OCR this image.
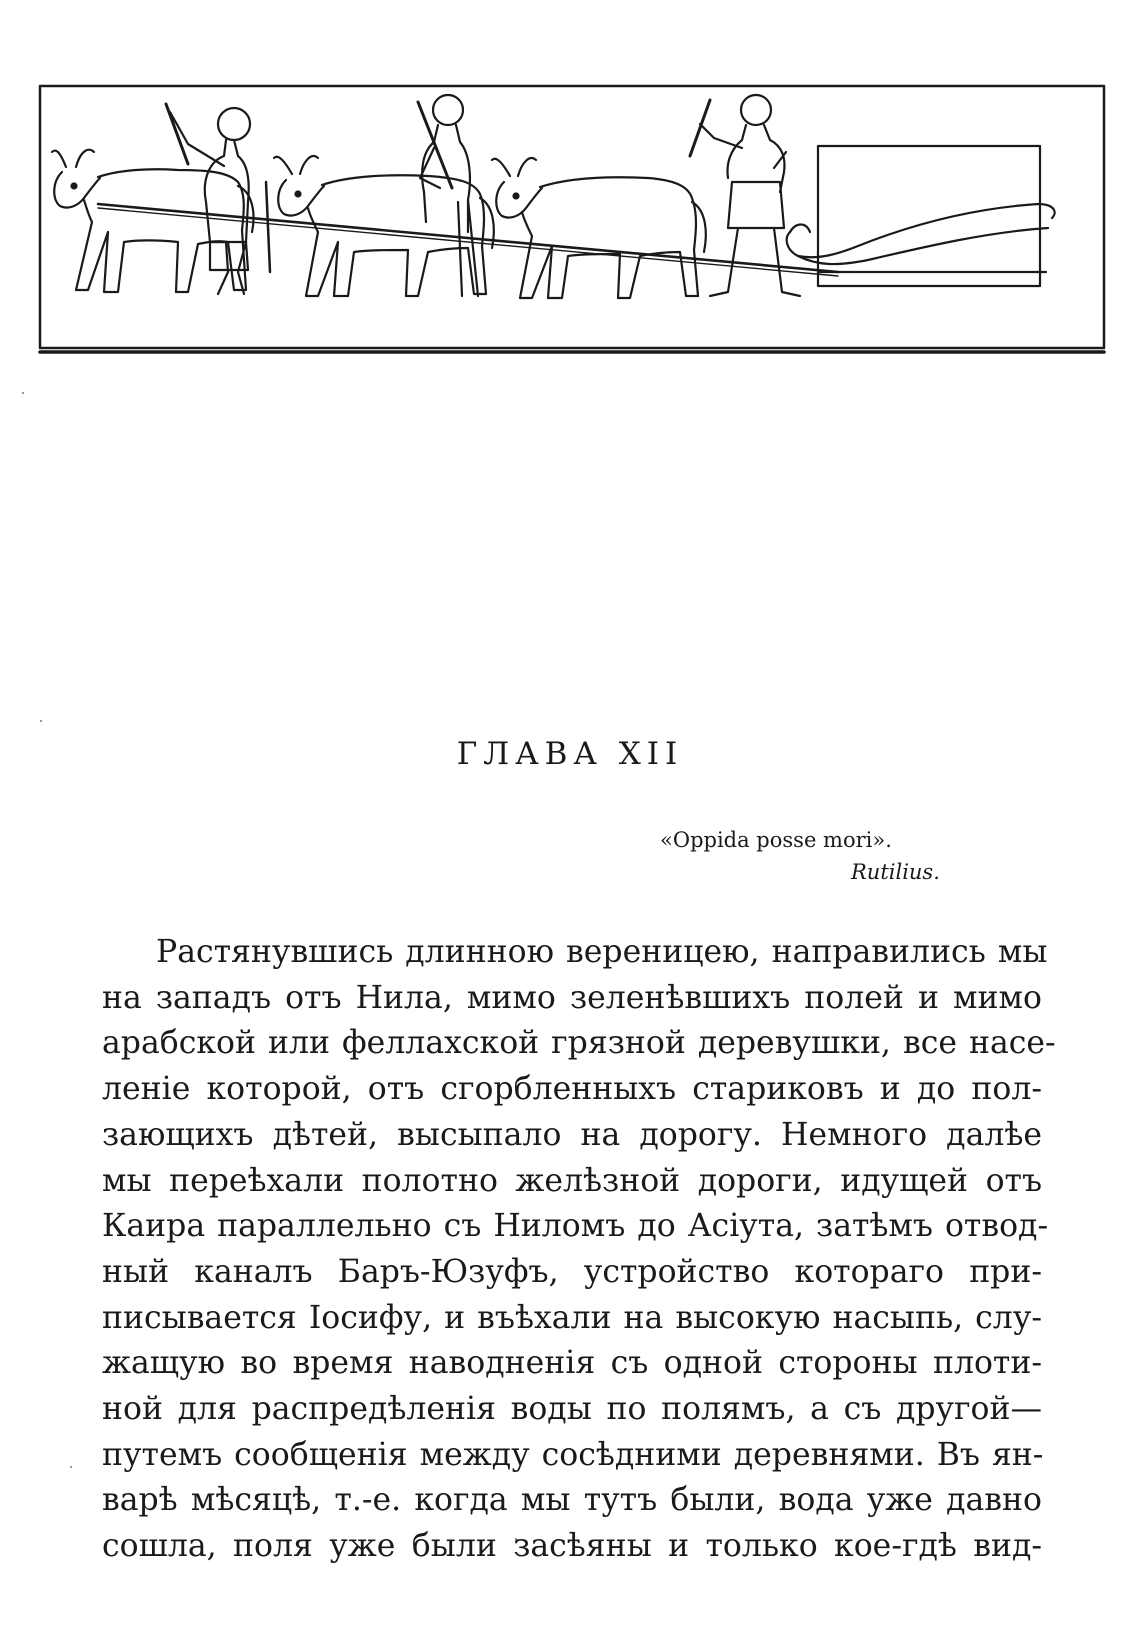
ГЛАВА XII
«Oppida posse mori».
Rutilius.
Растянувшись длинною вереницею, направились мы
на западъ отъ Нила, мимо зеленѣвшихъ полей и мимо
арабской или феллахской грязной деревушки, все насе-
леніе которой, отъ сгорбленныхъ стариковъ и до пол-
зающихъ дѣтей, высыпало на дорогу. Немного далѣе
мы переѣхали полотно желѣзной дороги, идущей отъ
Каира параллельно съ Ниломъ до Асіута, затѣмъ отвод-
ный каналъ Баръ-Юзуфъ, устройство котораго при-
писывается Іосифу, и въѣхали на высокую насыпь, слу-
жащую во время наводненія съ одной стороны плоти-
ной для распредѣленія воды по полямъ, а съ другой—
путемъ сообщенія между сосѣдними деревнями. Въ ян-
варѣ мѣсяцѣ, т.-е. когда мы тутъ были, вода уже давно
сошла, поля уже были засѣяны и только кое-гдѣ вид-
